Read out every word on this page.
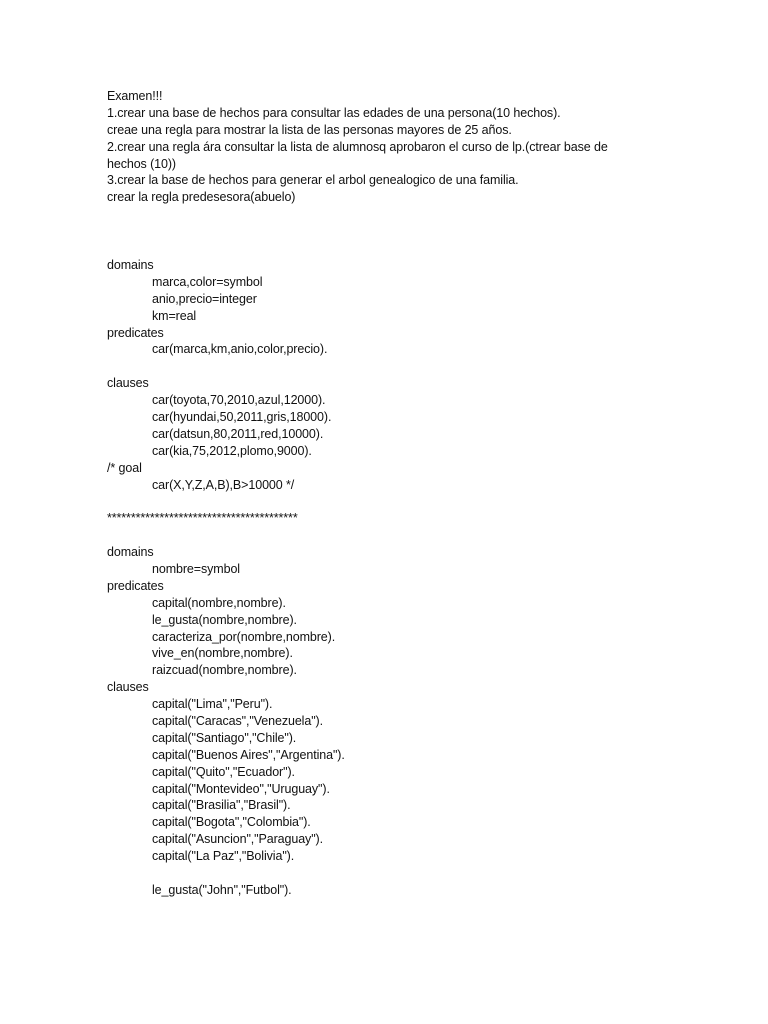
Examen!!!
1.crear una base de hechos para consultar las edades de una persona(10 hechos).
creae una regla para mostrar la lista de las personas mayores de 25 años.
2.crear una regla ára consultar la lista de alumnosq aprobaron el curso de lp.(ctrear base de hechos (10))
3.crear la base de hechos para generar el arbol genealogico de una familia.
crear la regla predesesora(abuelo)
domains
marca,color=symbol
anio,precio=integer
km=real
predicates
car(marca,km,anio,color,precio).
clauses
car(toyota,70,2010,azul,12000).
car(hyundai,50,2011,gris,18000).
car(datsun,80,2011,red,10000).
car(kia,75,2012,plomo,9000).
/* goal
car(X,Y,Z,A,B),B>10000 */
****************************************
domains
nombre=symbol
predicates
capital(nombre,nombre).
le_gusta(nombre,nombre).
caracteriza_por(nombre,nombre).
vive_en(nombre,nombre).
raizcuad(nombre,nombre).
clauses
capital("Lima","Peru").
capital("Caracas","Venezuela").
capital("Santiago","Chile").
capital("Buenos Aires","Argentina").
capital("Quito","Ecuador").
capital("Montevideo","Uruguay").
capital("Brasilia","Brasil").
capital("Bogota","Colombia").
capital("Asuncion","Paraguay").
capital("La Paz","Bolivia").
le_gusta("John","Futbol").
